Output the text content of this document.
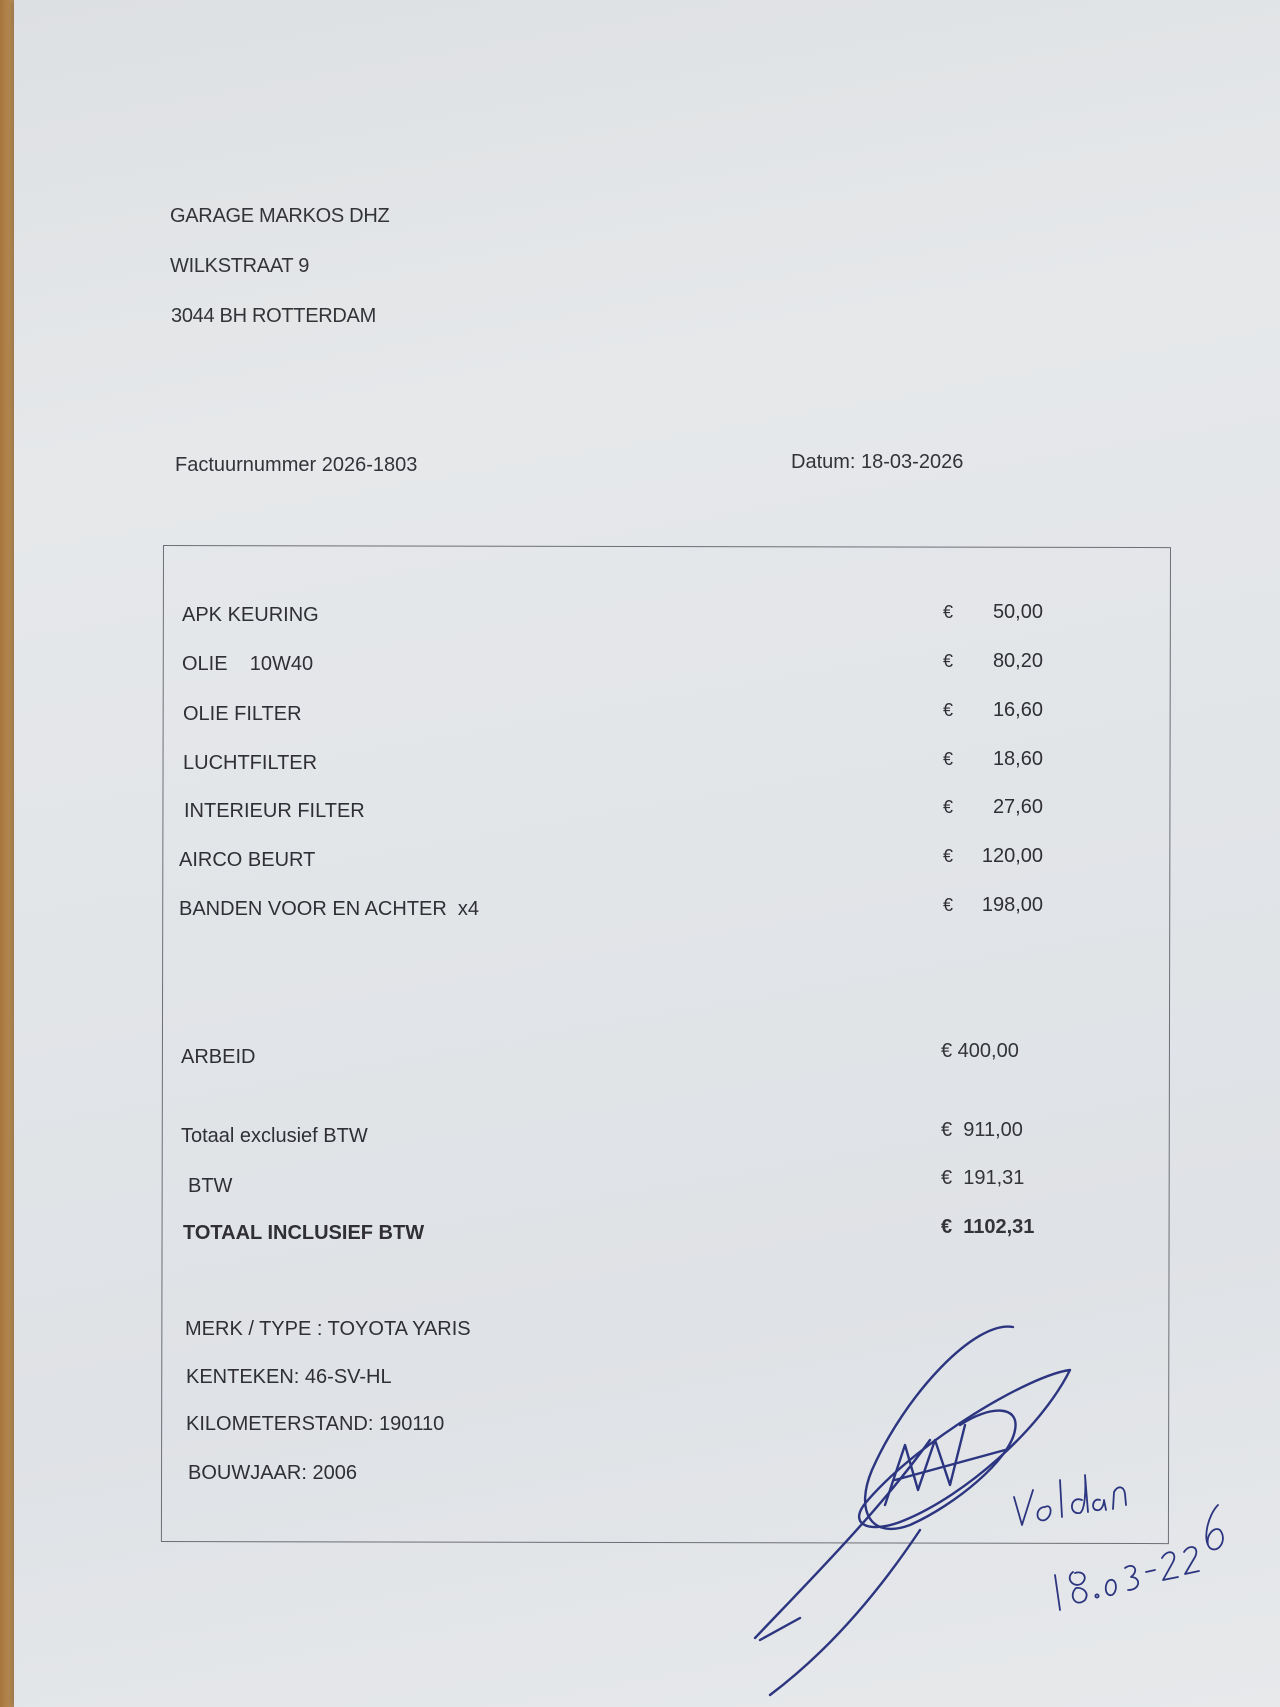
GARAGE MARKOS DHZ
WILKSTRAAT 9
3044 BH ROTTERDAM
Factuurnummer 2026-1803	Datum: 18-03-2026
APK KEURING	€	50,00
OLIE    10W40	€	80,20
OLIE FILTER	€	16,60
LUCHTFILTER	€	18,60
INTERIEUR FILTER	€	27,60
AIRCO BEURT	€	120,00
BANDEN VOOR EN ACHTER  x4	€	198,00
ARBEID	€ 400,00
Totaal exclusief BTW	€  911,00
BTW	€  191,31
TOTAAL INCLUSIEF BTW	€  1102,31
MERK / TYPE : TOYOTA YARIS
KENTEKEN: 46-SV-HL
KILOMETERSTAND: 190110
BOUWJAAR: 2006
